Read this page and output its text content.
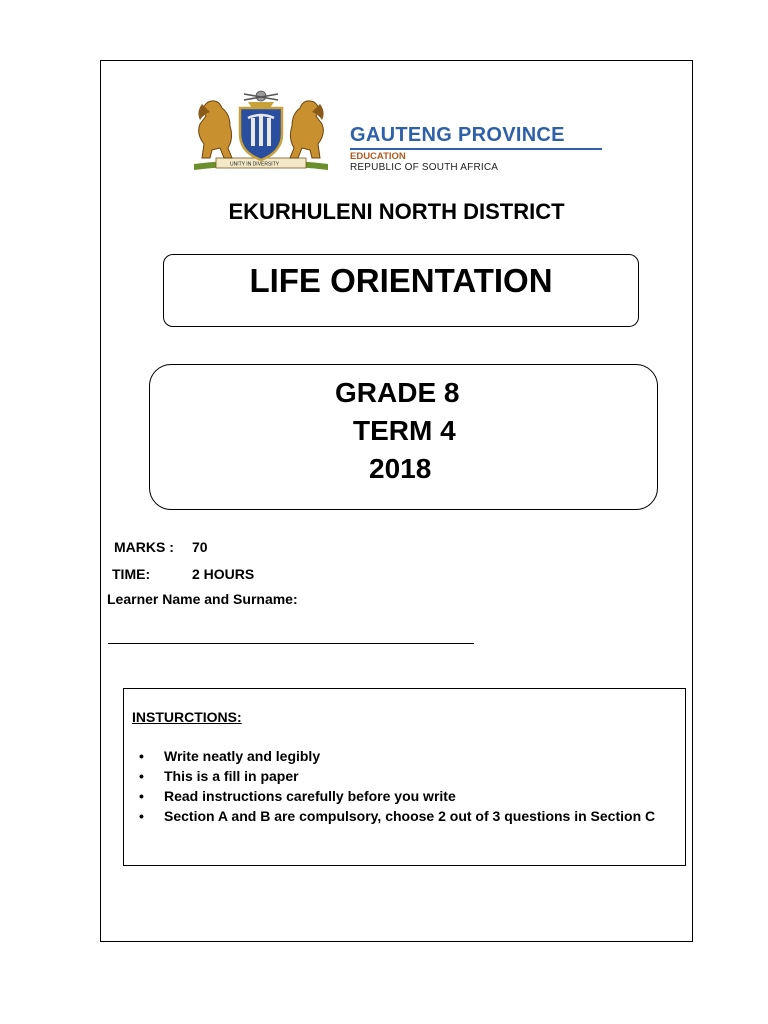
UNITY IN DIVERSITY
GAUTENG PROVINCE
EDUCATION
REPUBLIC OF SOUTH AFRICA
EKURHULENI NORTH DISTRICT
LIFE ORIENTATION
GRADE 8
TERM 4
2018
MARKS : 70
TIME:	2 HOURS
Learner Name and Surname:
INSTURCTIONS:
• Write neatly and legibly
• This is a fill in paper
• Read instructions carefully before you write
• Section A and B are compulsory, choose 2 out of 3 questions in Section C
